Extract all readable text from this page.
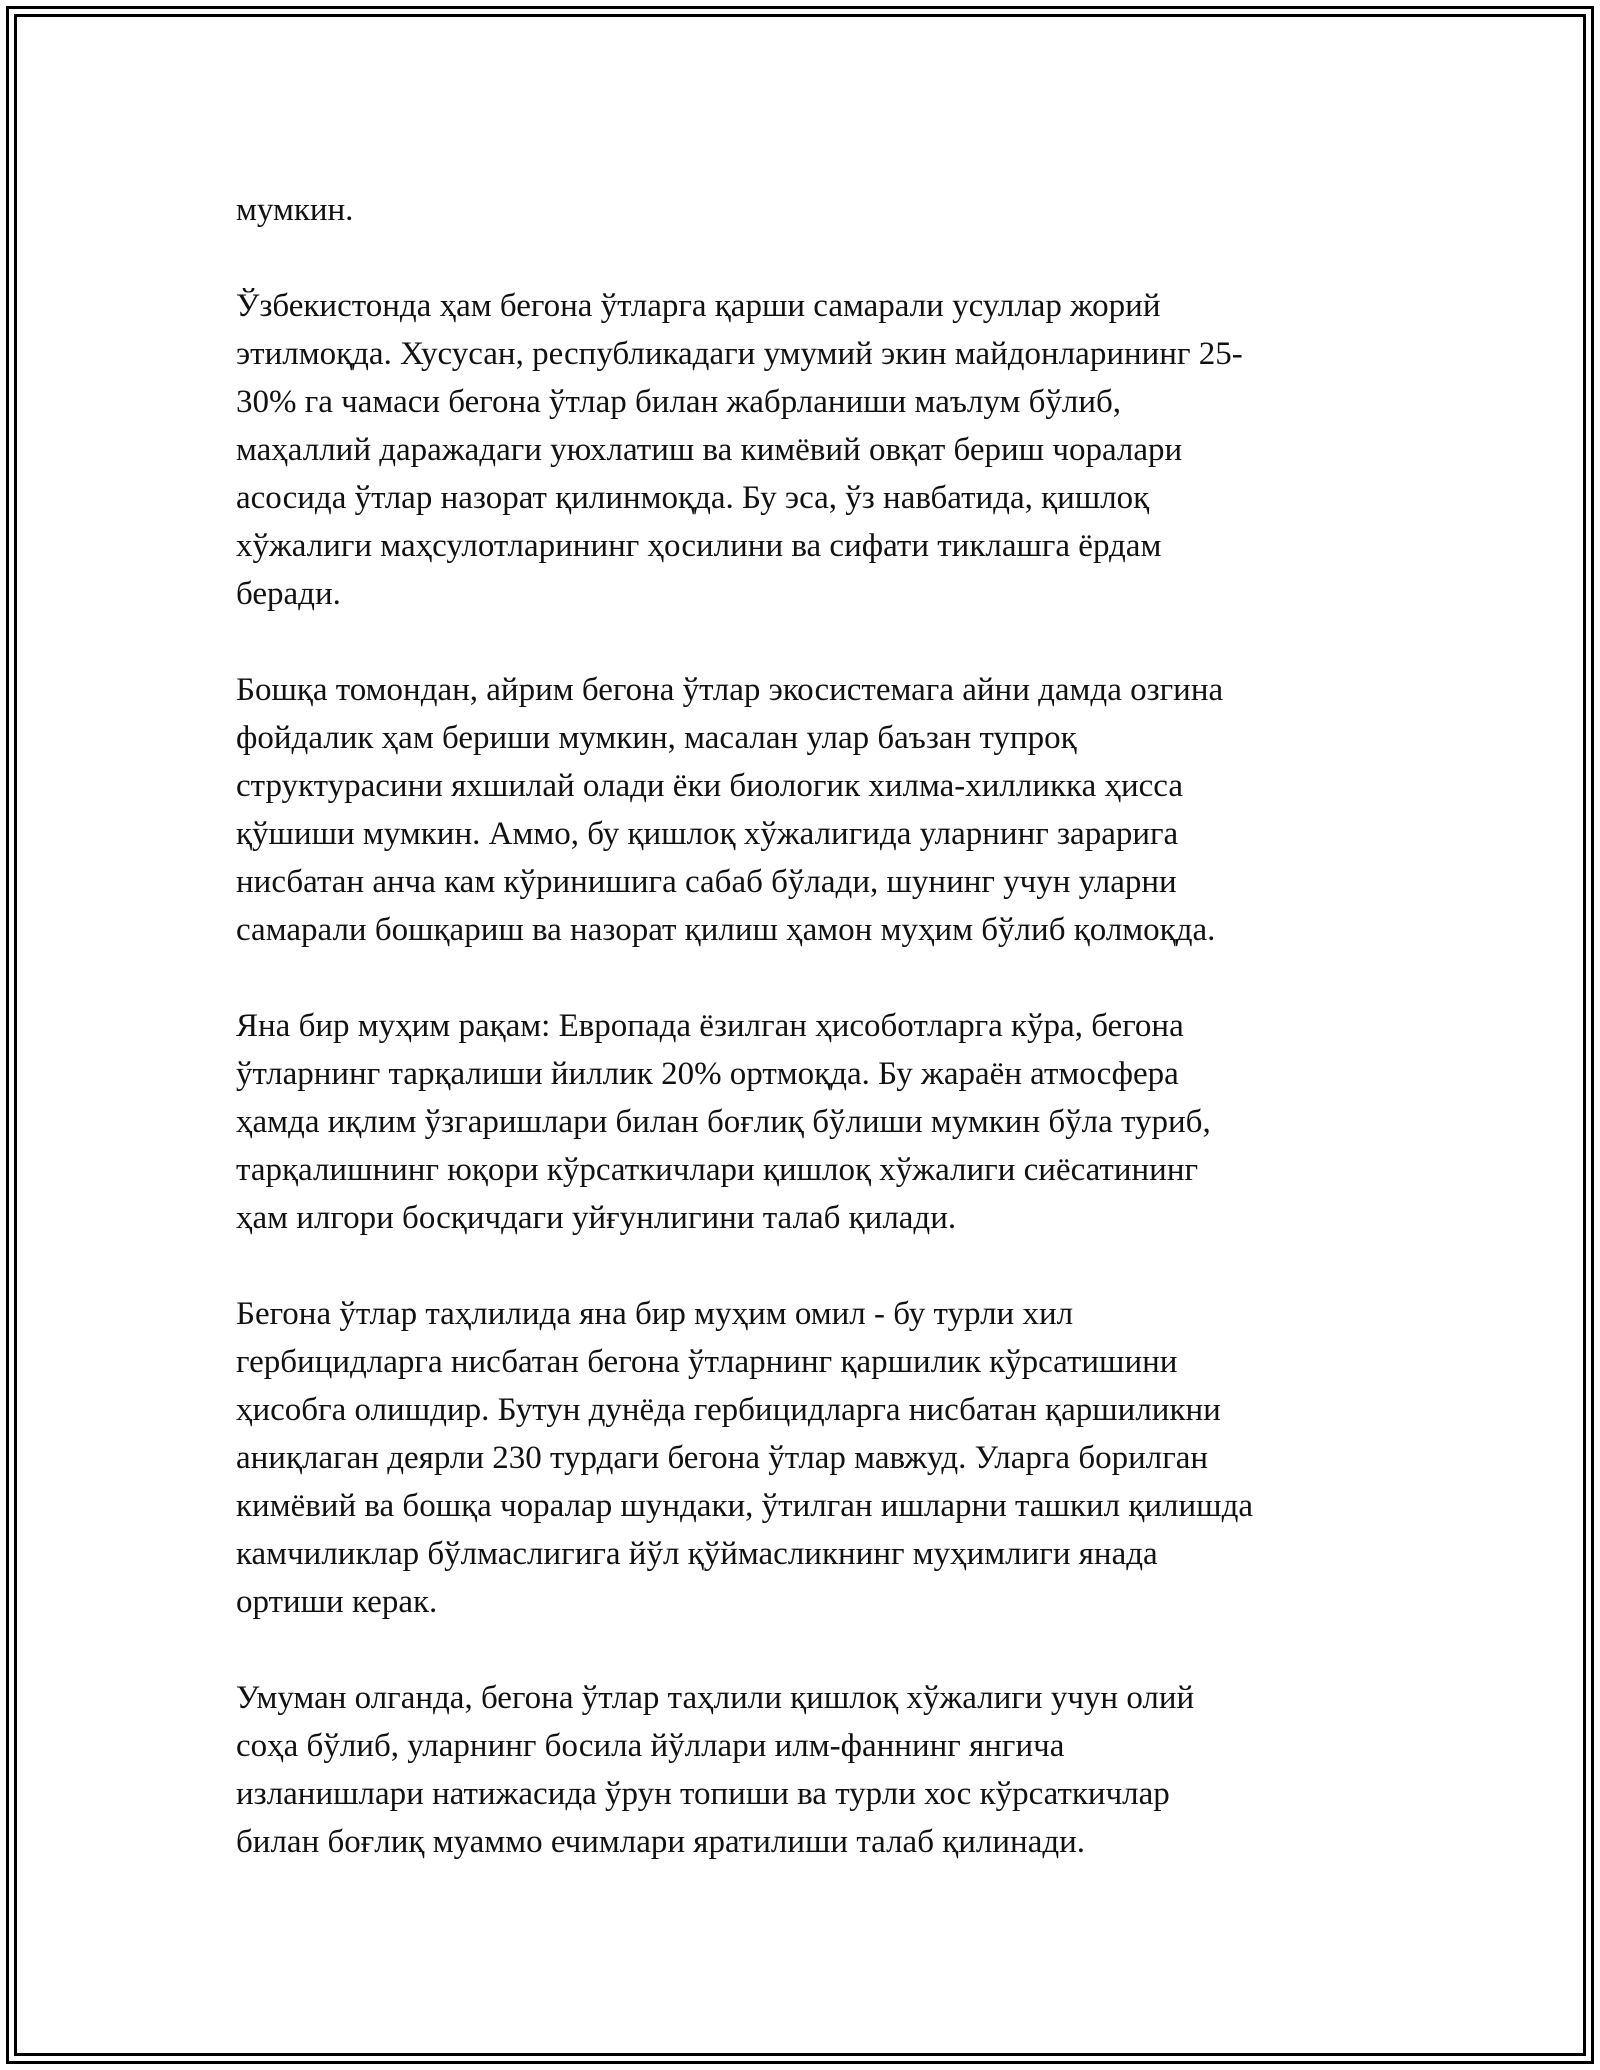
мумкин.

Ўзбекистонда ҳам бегона ўтларга қарши самарали усуллар жорий
этилмоқда. Хусусан, республикадаги умумий экин майдонларининг 25-
30% га чамаси бегона ўтлар билан жабрланиши маълум бўлиб,
маҳаллий даражадаги уюхлатиш ва кимёвий овқат бериш чоралари
асосида ўтлар назорат қилинмоқда. Бу эса, ўз навбатида, қишлоқ
хўжалиги маҳсулотларининг ҳосилини ва сифати тиклашга ёрдам
беради.

Бошқа томондан, айрим бегона ўтлар экосистемага айни дамда озгина
фойдалик ҳам бериши мумкин, масалан улар баъзан тупроқ
структурасини яхшилай олади ёки биологик хилма-хилликка ҳисса
қўшиши мумкин. Аммо, бу қишлоқ хўжалигида уларнинг зарарига
нисбатан анча кам кўринишига сабаб бўлади, шунинг учун уларни
самарали бошқариш ва назорат қилиш ҳамон муҳим бўлиб қолмоқда.

Яна бир муҳим рақам: Европада ёзилган ҳисоботларга кўра, бегона
ўтларнинг тарқалиши йиллик 20% ортмоқда. Бу жараён атмосфера
ҳамда иқлим ўзгаришлари билан боғлиқ бўлиши мумкин бўла туриб,
тарқалишнинг юқори кўрсаткичлари қишлоқ хўжалиги сиёсатининг
ҳам илгори босқичдаги уйғунлигини талаб қилади.

Бегона ўтлар таҳлилида яна бир муҳим омил - бу турли хил
гербицидларга нисбатан бегона ўтларнинг қаршилик кўрсатишини
ҳисобга олишдир. Бутун дунёда гербицидларга нисбатан қаршиликни
аниқлаган деярли 230 турдаги бегона ўтлар мавжуд. Уларга борилган
кимёвий ва бошқа чоралар шундаки, ўтилган ишларни ташкил қилишда
камчиликлар бўлмаслигига йўл қўймасликнинг муҳимлиги янада
ортиши керак.

Умуман олганда, бегона ўтлар таҳлили қишлоқ хўжалиги учун олий
соҳа бўлиб, уларнинг босила йўллари илм-фаннинг янгича
изланишлари натижасида ўрун топиши ва турли хос кўрсаткичлар
билан боғлиқ муаммо ечимлари яратилиши талаб қилинади.
